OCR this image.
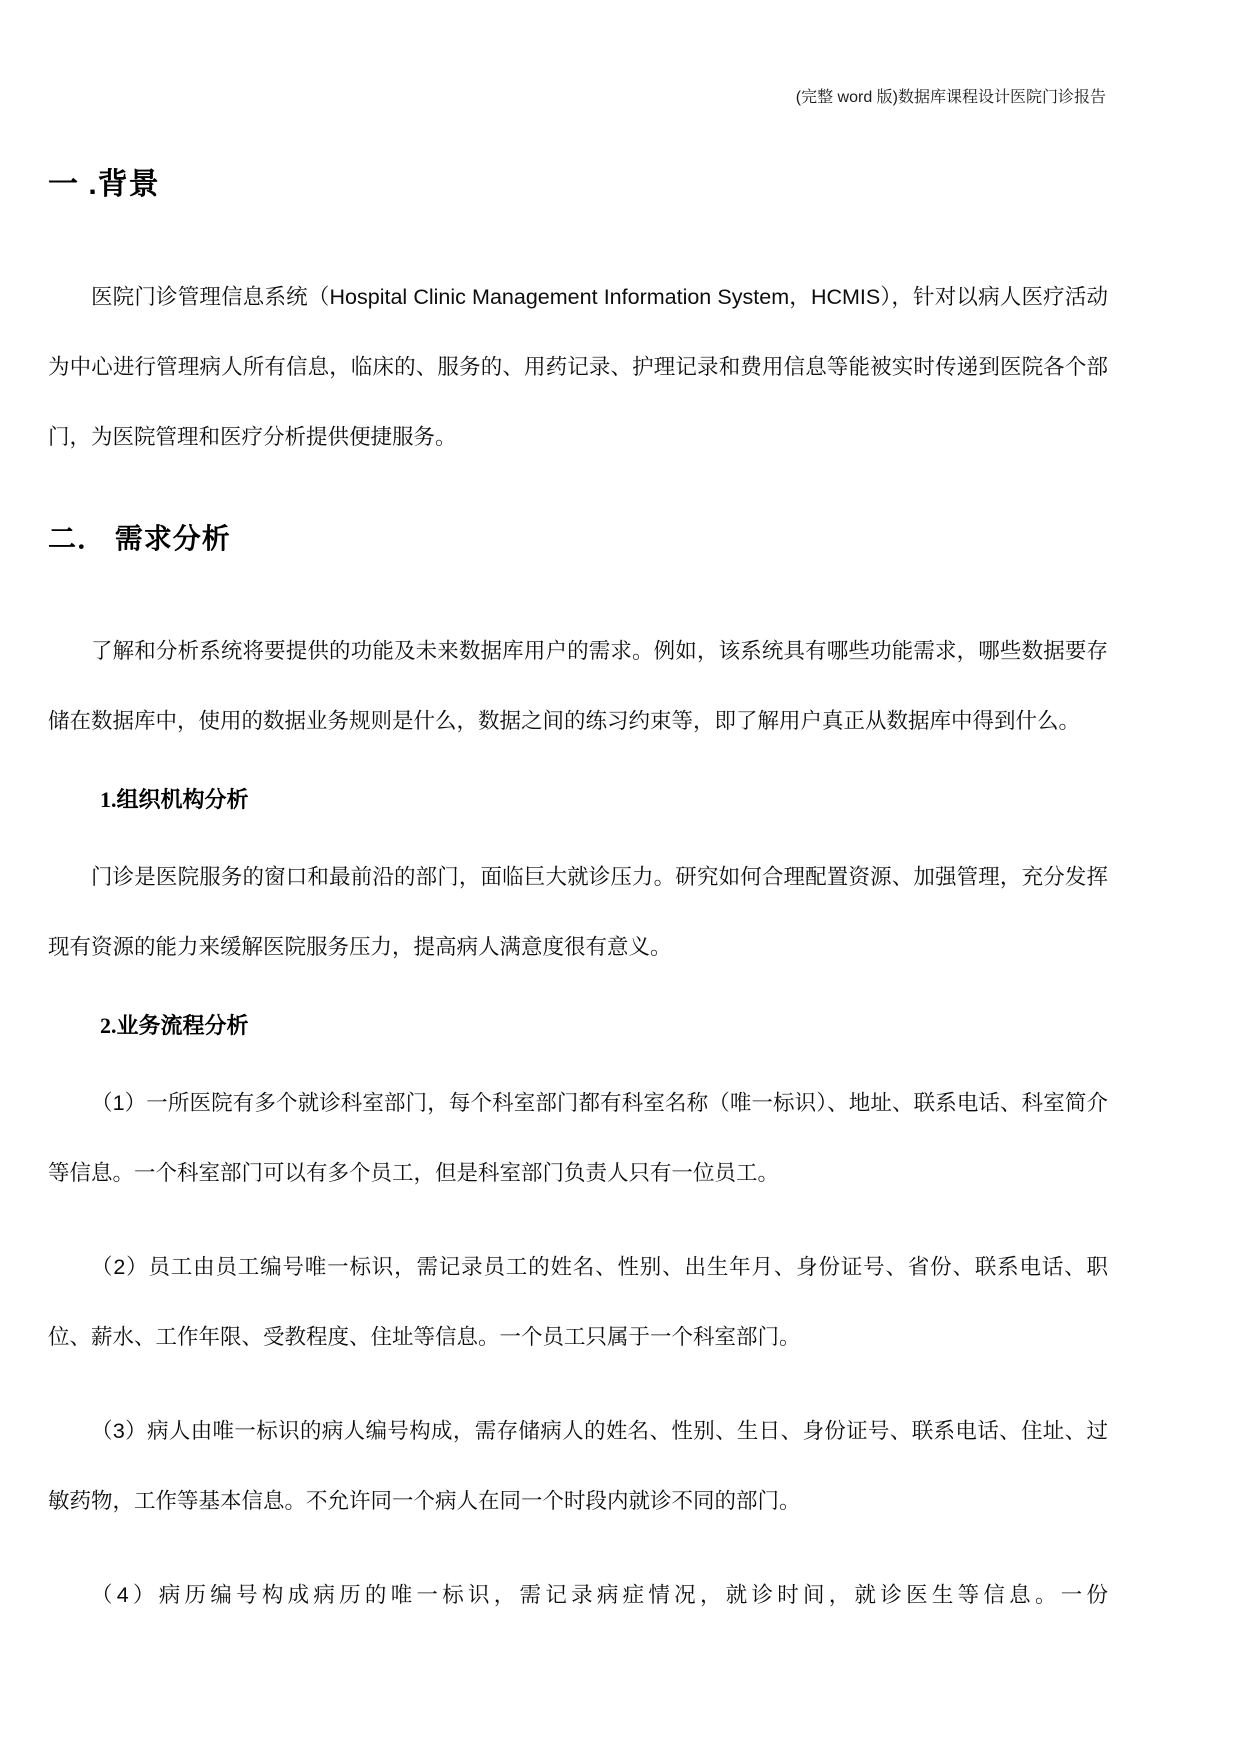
(完整 word 版)数据库课程设计医院门诊报告
一 .背景

医院门诊管理信息系统（Hospital Clinic Management Information System，HCMIS），针对以病人医疗活动为中心进行管理病人所有信息，临床的、服务的、用药记录、护理记录和费用信息等能被实时传递到医院各个部门，为医院管理和医疗分析提供便捷服务。

二． 需求分析

了解和分析系统将要提供的功能及未来数据库用户的需求。例如，该系统具有哪些功能需求，哪些数据要存储在数据库中，使用的数据业务规则是什么，数据之间的练习约束等，即了解用户真正从数据库中得到什么。

1.组织机构分析

门诊是医院服务的窗口和最前沿的部门，面临巨大就诊压力。研究如何合理配置资源、加强管理，充分发挥现有资源的能力来缓解医院服务压力，提高病人满意度很有意义。

2.业务流程分析

（1）一所医院有多个就诊科室部门，每个科室部门都有科室名称（唯一标识）、地址、联系电话、科室简介等信息。一个科室部门可以有多个员工，但是科室部门负责人只有一位员工。

（2）员工由员工编号唯一标识，需记录员工的姓名、性别、出生年月、身份证号、省份、联系电话、职位、薪水、工作年限、受教程度、住址等信息。一个员工只属于一个科室部门。

（3）病人由唯一标识的病人编号构成，需存储病人的姓名、性别、生日、身份证号、联系电话、住址、过敏药物，工作等基本信息。不允许同一个病人在同一个时段内就诊不同的部门。

（4）病历编号构成病历的唯一标识，需记录病症情况，就诊时间，就诊医生等信息。一份
